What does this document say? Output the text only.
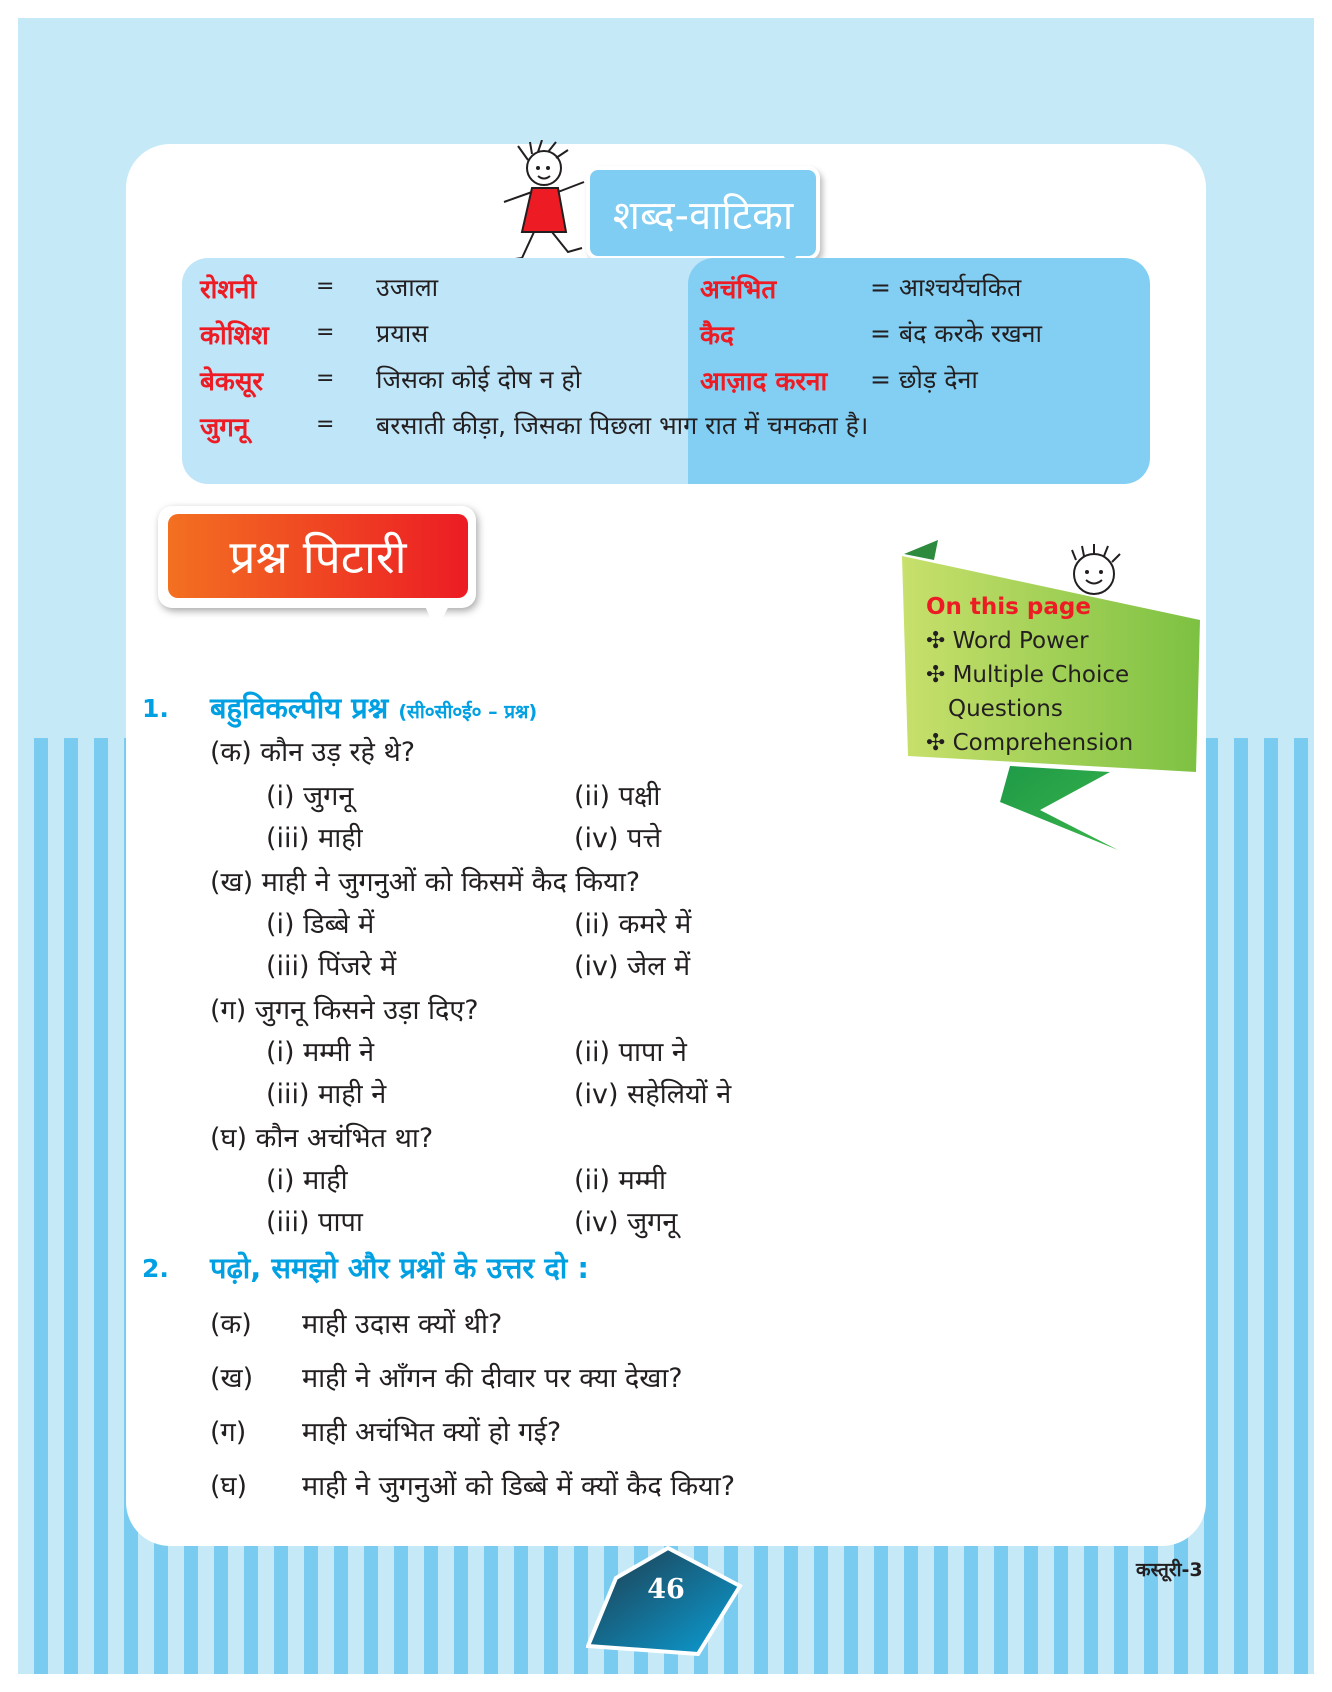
शब्द-वाटिका
रोशनी	= उजाला
कोशिश = प्रयास
बेकसूर = जिसका कोई दोष न हो
जुगनू	= बरसाती कीड़ा, जिसका पिछला भाग रात में चमकता है।
अचंभित	= आश्चर्यचकित
कैद	= बंद करके रखना
आज़ाद करना = छोड़ देना
प्रश्न पिटारी
On this page
✣ Word Power
✣ Multiple Choice
Questions
✣ Comprehension
1. बहुविकल्पीय प्रश्न (सी०सी०ई० – प्रश्न)
(क) कौन उड़ रहे थे?
(i) जुगनू	(ii) पक्षी
(iii) माही	(iv) पत्ते
(ख) माही ने जुगनुओं को किसमें कैद किया?
(i) डिब्बे में	(ii) कमरे में
(iii) पिंजरे में	(iv) जेल में
(ग) जुगनू किसने उड़ा दिए?
(i) मम्मी ने	(ii) पापा ने
(iii) माही ने	(iv) सहेलियों ने
(घ) कौन अचंभित था?
(i) माही	(ii) मम्मी
(iii) पापा	(iv) जुगनू
2. पढ़ो, समझो और प्रश्नों के उत्तर दो :
(क) माही उदास क्यों थी?
(ख) माही ने आँगन की दीवार पर क्या देखा?
(ग) माही अचंभित क्यों हो गई?
(घ) माही ने जुगनुओं को डिब्बे में क्यों कैद किया?
46
कस्तूरी-3
